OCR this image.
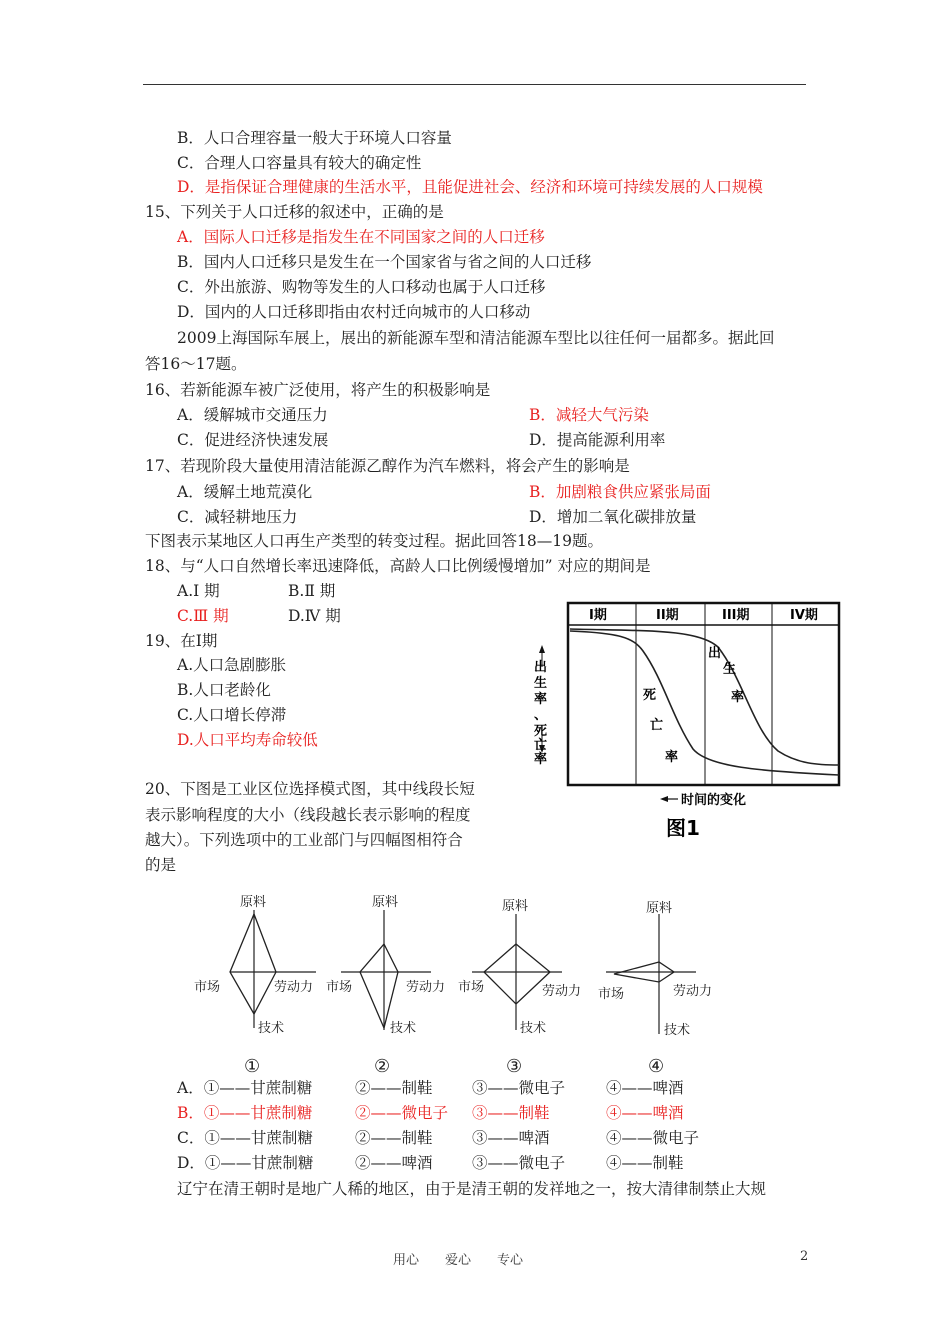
B．人口合理容量一般大于环境人口容量
C．合理人口容量具有较大的确定性
D．是指保证合理健康的生活水平，且能促进社会、经济和环境可持续发展的人口规模
15、下列关于人口迁移的叙述中，正确的是
A．国际人口迁移是指发生在不同国家之间的人口迁移
B．国内人口迁移只是发生在一个国家省与省之间的人口迁移
C．外出旅游、购物等发生的人口移动也属于人口迁移
D．国内的人口迁移即指由农村迁向城市的人口移动
2009上海国际车展上，展出的新能源车型和清洁能源车型比以往任何一届都多。据此回
答16～17题。
16、若新能源车被广泛使用，将产生的积极影响是
A．缓解城市交通压力	B．减轻大气污染
C．促进经济快速发展	D．提高能源利用率
17、若现阶段大量使用清洁能源乙醇作为汽车燃料，将会产生的影响是
A．缓解土地荒漠化	B．加剧粮食供应紧张局面
C．减轻耕地压力	D．增加二氧化碳排放量
下图表示某地区人口再生产类型的转变过程。据此回答18—19题。
18、与“人口自然增长率迅速降低，高龄人口比例缓慢增加” 对应的期间是
A.Ⅰ 期	B.Ⅱ 期
C.Ⅲ 期	D.Ⅳ 期
19、在Ⅰ期
A.人口急剧膨胀
B.人口老龄化
C.人口增长停滞
D.人口平均寿命较低
20、下图是工业区位选择模式图，其中线段长短
表示影响程度的大小（线段越长表示影响的程度
越大）。下列选项中的工业部门与四幅图相符合
的是
A．①——甘蔗制糖	②——制鞋	③——微电子	④——啤酒
B．①——甘蔗制糖	②——微电子 ③——制鞋	④——啤酒
C．①——甘蔗制糖	②——制鞋	③——啤酒	④——微电子
D．①——甘蔗制糖	②——啤酒	③——微电子	④——制鞋
辽宁在清王朝时是地广人稀的地区，由于是清王朝的发祥地之一，按大清律制禁止大规
I期	II期	III期	IV期
出 生 率 、 死 亡 率
出 生 率
死 亡 率
时间的变化
图1
原料
市场	劳动力
技术
①
原料
市场	劳动力
技术
②
原料
市场	劳动力
技术
③
原料
市场	劳动力
技术
④
用心　　爱心　　专心	2
